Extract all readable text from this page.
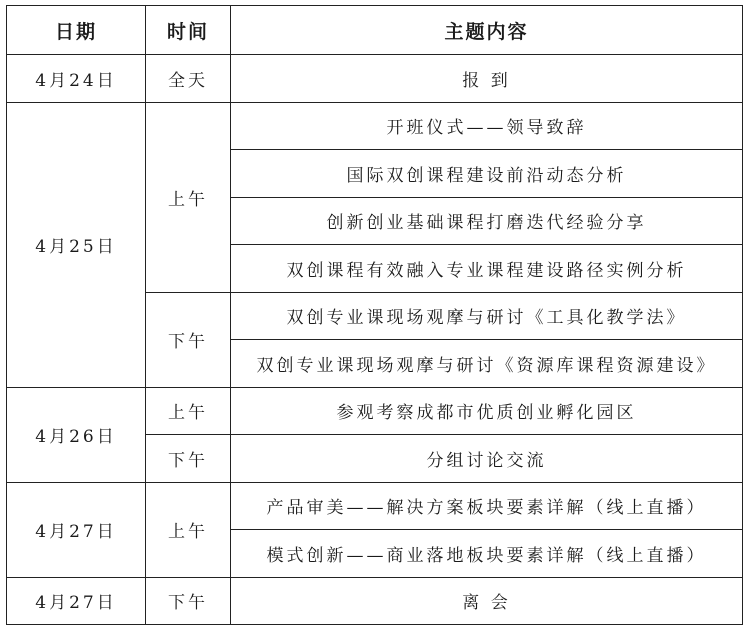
日期	时间	主题内容
4月24日	全天	报 到
4月25日	上午	开班仪式——领导致辞
		国际双创课程建设前沿动态分析
		创新创业基础课程打磨迭代经验分享
		双创课程有效融入专业课程建设路径实例分析
	下午	双创专业课现场观摩与研讨《工具化教学法》
		双创专业课现场观摩与研讨《资源库课程资源建设》
4月26日	上午	参观考察成都市优质创业孵化园区
	下午	分组讨论交流
4月27日	上午	产品审美——解决方案板块要素详解（线上直播）
		模式创新——商业落地板块要素详解（线上直播）
4月27日	下午	离 会
